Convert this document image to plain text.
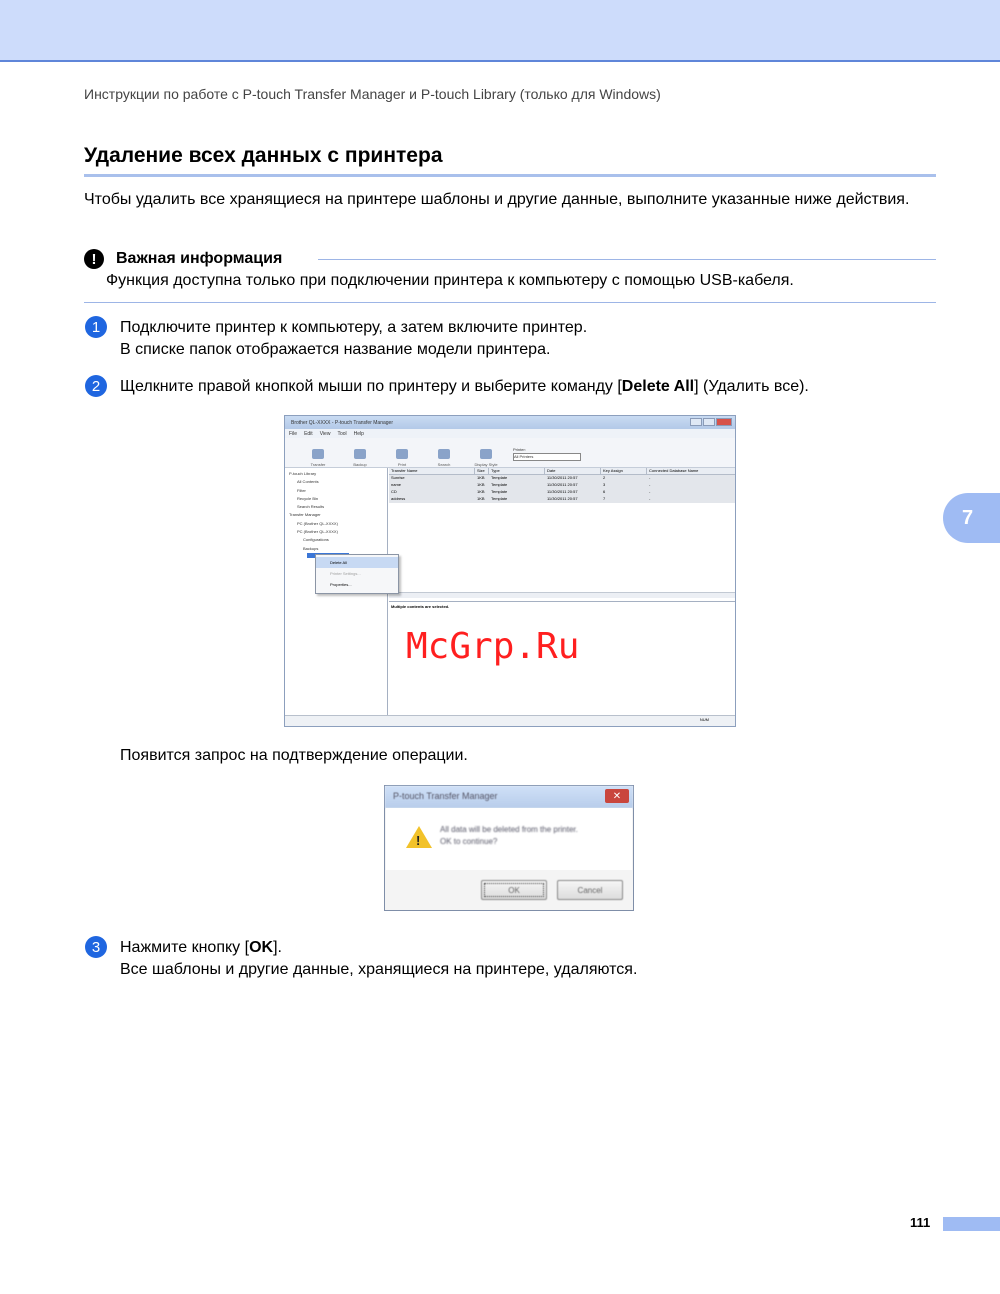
Инструкции по работе с P-touch Transfer Manager и P-touch Library (только для Windows)
Удаление всех данных с принтера
Чтобы удалить все хранящиеся на принтере шаблоны и другие данные, выполните указанные ниже действия.
!	Важная информация
Функция доступна только при подключении принтера к компьютеру с помощью USB-кабеля.
1	Подключите принтер к компьютеру, а затем включите принтер.
В списке папок отображается название модели принтера.
2	Щелкните правой кнопкой мыши по принтеру и выберите команду [Delete All] (Удалить все).
7
Brother QL-XXXX - P-touch Transfer Manager
File Edit View Tool Help
Transfer	Backup	Print	Search	Display Style
Printer:
All Printers
P-touch Library
All Contents
Filter
Recycle Bin
Search Results
Transfer Manager
PC (Brother QL-XXXX)
PC (Brother QL-XXXX)
Configurations
Backups
Transfer Name	Size	Type	Date	Key Assign	Connected Database Name
Sunrise	1KB	Template	11/30/2011 20:57	2	-
name	1KB	Template	11/30/2011 20:57	3	-
CD	1KB	Template	11/30/2011 20:57	6	-
address	1KB	Template	11/30/2011 20:57	7	-
Multiple contents are selected.
Delete All
Printer Settings...
Properties...
NUM
McGrp.Ru
Появится запрос на подтверждение операции.
P-touch Transfer Manager	✕
!
All data will be deleted from the printer.
OK to continue?
OK	Cancel
3	Нажмите кнопку [OK].
Все шаблоны и другие данные, хранящиеся на принтере, удаляются.
111
